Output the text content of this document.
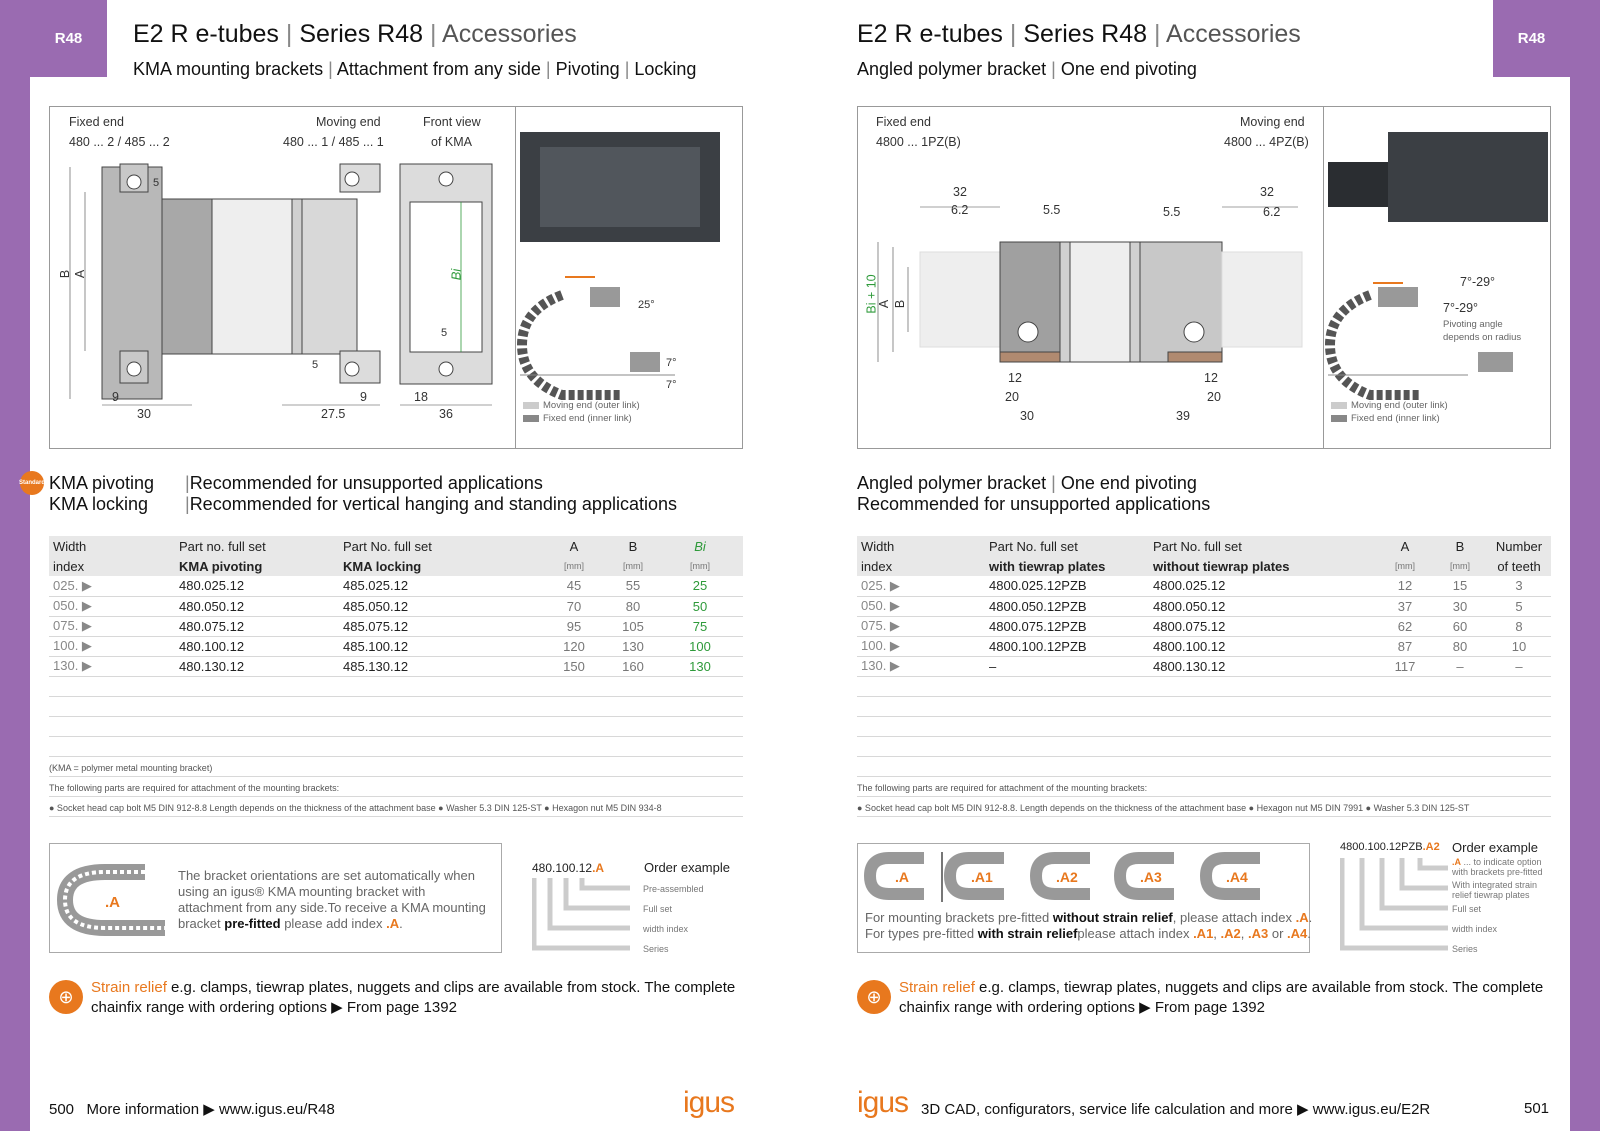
R48	R48
E2 R e-tubes | Series R48 | Accessories
KMA mounting brackets | Attachment from any side | Pivoting | Locking
Fixed end
480 ... 2 / 485 ... 2
Moving end
480 ... 1 / 485 ... 1
Front view
of KMA
B A
5
5
5
Bi
9
30
9
27.5
18
36
25°
7°
7°
Moving end (outer link)
Fixed end (inner link)
Standard KMA pivoting |Recommended for unsupported applications
KMA locking |Recommended for vertical hanging and standing applications
Width	Part no. full set	Part No. full set	A	B	Bi
index	KMA pivoting	KMA locking	[mm]	[mm]	[mm]
025. ▶	480.025.12	485.025.12	45	55	25
050. ▶	480.050.12	485.050.12	70	80	50
075. ▶	480.075.12	485.075.12	95	105	75
100. ▶	480.100.12	485.100.12	120	130	100
130. ▶	480.130.12	485.130.12	150	160	130
(KMA = polymer metal mounting bracket)
The following parts are required for attachment of the mounting brackets:
● Socket head cap bolt M5 DIN 912-8.8 Length depends on the thickness of the attachment base ● Washer 5.3 DIN 125-ST ● Hexagon nut M5 DIN 934-8
.A
The bracket orientations are set automatically when using an igus® KMA mounting bracket with attachment from any side.To receive a KMA mounting bracket pre-fitted please add index .A.
480.100.12.A	Order example
Pre-assembled
Full set
width index
Series
⊕	Strain relief e.g. clamps, tiewrap plates, nuggets and clips are available from stock. The complete chainfix range with ordering options ▶ From page 1392
500 More information ▶ www.igus.eu/R48	igus
E2 R e-tubes | Series R48 | Accessories
Angled polymer bracket | One end pivoting
Fixed end
4800 ... 1PZ(B)
Moving end
4800 ... 4PZ(B)
Bi + 10
A B
32
6.2	5.5	5.5
32
6.2
12
20
30
12
20
39
7°-29°
7°-29°
Pivoting angle
depends on radius
Moving end (outer link)
Fixed end (inner link)
Angled polymer bracket | One end pivoting
Recommended for unsupported applications
Width	Part No. full set	Part No. full set	A	B	Number
index	with tiewrap plates	without tiewrap plates	[mm]	[mm]	of teeth
025. ▶	4800.025.12PZB	4800.025.12	12	15	3
050. ▶	4800.050.12PZB	4800.050.12	37	30	5
075. ▶	4800.075.12PZB	4800.075.12	62	60	8
100. ▶	4800.100.12PZB	4800.100.12	87	80	10
130. ▶	–	4800.130.12	117	–	–
The following parts are required for attachment of the mounting brackets:
● Socket head cap bolt M5 DIN 912-8.8. Length depends on the thickness of the attachment base ● Hexagon nut M5 DIN 7991 ● Washer 5.3 DIN 125-ST
.A	.A1	.A2	.A3	.A4
For mounting brackets pre-fitted without strain relief, please attach index .A.
For types pre-fitted with strain reliefplease attach index .A1, .A2, .A3 or .A4.
4800.100.12PZB.A2 Order example
.A ... to indicate option with brackets pre-fitted
With integrated strain relief tiewrap plates
Full set
width index
Series
⊕	Strain relief e.g. clamps, tiewrap plates, nuggets and clips are available from stock. The complete chainfix range with ordering options ▶ From page 1392
igus 3D CAD, configurators, service life calculation and more ▶ www.igus.eu/E2R	501
